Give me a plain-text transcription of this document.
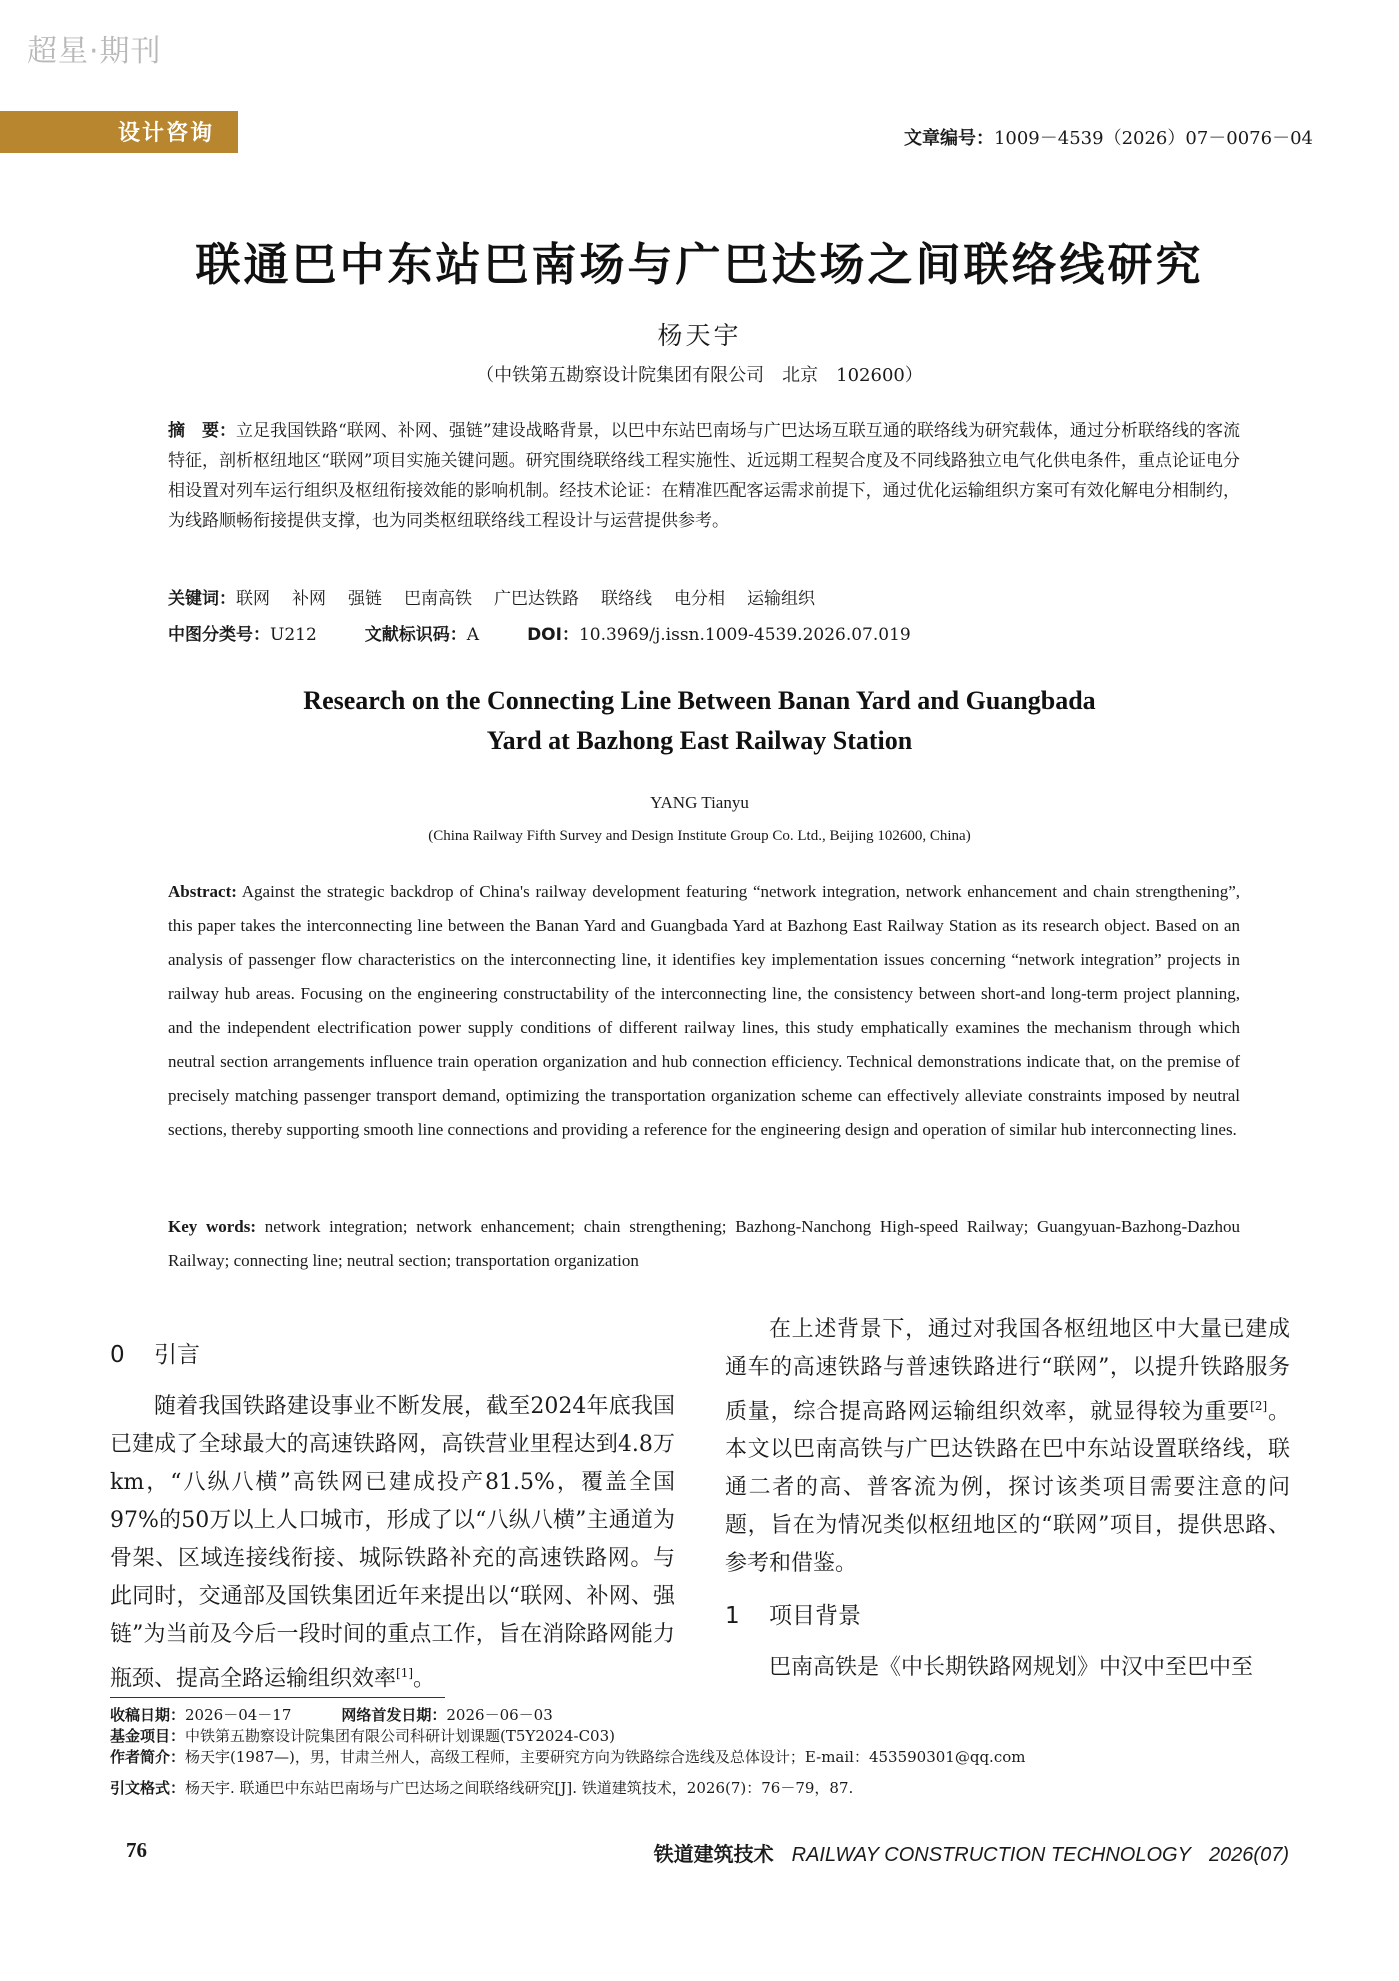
超星·期刊
设计咨询	文章编号：1009－4539（2026）07－0076－04
联通巴中东站巴南场与广巴达场之间联络线研究
杨天宇
（中铁第五勘察设计院集团有限公司　北京　102600）
摘　要：立足我国铁路“联网、补网、强链”建设战略背景，以巴中东站巴南场与广巴达场互联互通的联络线为研究载体，通过分析联络线的客流特征，剖析枢纽地区“联网”项目实施关键问题。研究围绕联络线工程实施性、近远期工程契合度及不同线路独立电气化供电条件，重点论证电分相设置对列车运行组织及枢纽衔接效能的影响机制。经技术论证：在精准匹配客运需求前提下，通过优化运输组织方案可有效化解电分相制约，为线路顺畅衔接提供支撑，也为同类枢纽联络线工程设计与运营提供参考。
关键词：联网 补网 强链 巴南高铁 广巴达铁路 联络线 电分相 运输组织
中图分类号：U212	文献标识码：A	DOI：10.3969/j.issn.1009-4539.2026.07.019
Research on the Connecting Line Between Banan Yard and Guangbada
Yard at Bazhong East Railway Station
YANG Tianyu
(China Railway Fifth Survey and Design Institute Group Co. Ltd., Beijing 102600, China)
Abstract: Against the strategic backdrop of China's railway development featuring “network integration, network enhancement and chain strengthening”, this paper takes the interconnecting line between the Banan Yard and Guangbada Yard at Bazhong East Railway Station as its research object. Based on an analysis of passenger flow characteristics on the interconnecting line, it identifies key implementation issues concerning “network integration” projects in railway hub areas. Focusing on the engineering constructability of the interconnecting line, the consistency between short-and long-term project planning, and the independent electrification power supply conditions of different railway lines, this study emphatically examines the mechanism through which neutral section arrangements influence train operation organization and hub connection efficiency. Technical demonstrations indicate that, on the premise of precisely matching passenger transport demand, optimizing the transportation organization scheme can effectively alleviate constraints imposed by neutral sections, thereby supporting smooth line connections and providing a reference for the engineering design and operation of similar hub interconnecting lines.
Key words: network integration; network enhancement; chain strengthening; Bazhong-Nanchong High-speed Railway; Guangyuan-Bazhong-Dazhou Railway; connecting line; neutral section; transportation organization
0 引言

随着我国铁路建设事业不断发展，截至2024年底我国已建成了全球最大的高速铁路网，高铁营业里程达到4.8万km，“八纵八横”高铁网已建成投产81.5%，覆盖全国97%的50万以上人口城市，形成了以“八纵八横”主通道为骨架、区域连接线衔接、城际铁路补充的高速铁路网。与此同时，交通部及国铁集团近年来提出以“联网、补网、强链”为当前及今后一段时间的重点工作，旨在消除路网能力瓶颈、提高全路运输组织效率[1]。

在上述背景下，通过对我国各枢纽地区中大量已建成通车的高速铁路与普速铁路进行“联网”，以提升铁路服务质量，综合提高路网运输组织效率，就显得较为重要[2]。本文以巴南高铁与广巴达铁路在巴中东站设置联络线，联通二者的高、普客流为例，探讨该类项目需要注意的问题，旨在为情况类似枢纽地区的“联网”项目，提供思路、参考和借鉴。

1 项目背景

巴南高铁是《中长期铁路网规划》中汉中至巴中至

收稿日期：2026－04－17	网络首发日期：2026－06－03
基金项目：中铁第五勘察设计院集团有限公司科研计划课题(T5Y2024-C03)
作者简介：杨天宇(1987—)，男，甘肃兰州人，高级工程师，主要研究方向为铁路综合选线及总体设计；E-mail：453590301@qq.com
引文格式：杨天宇. 联通巴中东站巴南场与广巴达场之间联络线研究[J]. 铁道建筑技术，2026(7)：76－79，87.
76	铁道建筑技术 RAILWAY CONSTRUCTION TECHNOLOGY 2026(07)
